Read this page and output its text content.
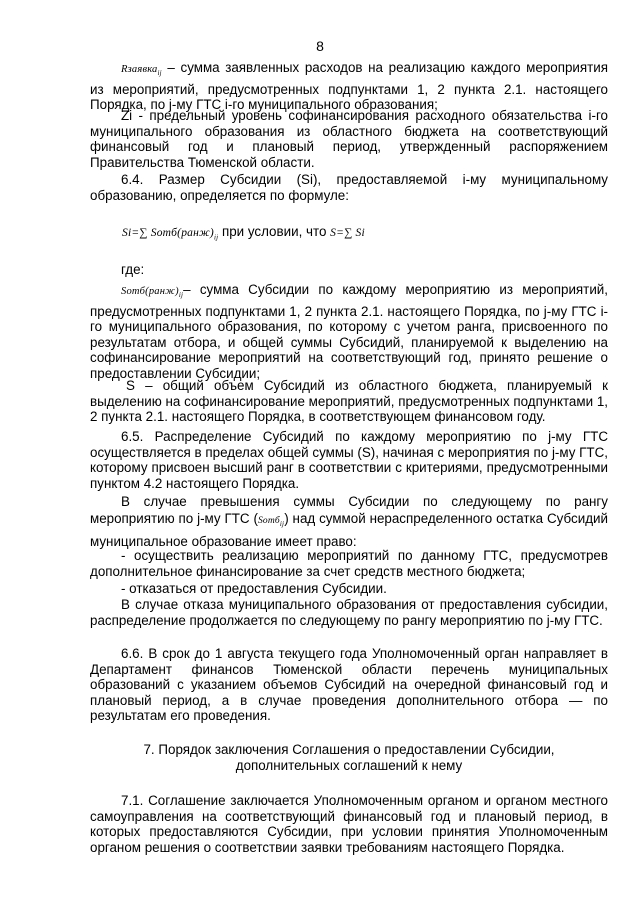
8

Rзаявка$_{ij}$ – сумма заявленных расходов на реализацию каждого мероприятия из мероприятий, предусмотренных подпунктами 1, 2 пункта 2.1. настоящего Порядка, по j-му ГТС i-го муниципального образования;

Zi - предельный уровень софинансирования расходного обязательства i-го муниципального образования из областного бюджета на соответствующий финансовый год и плановый период, утвержденный распоряжением Правительства Тюменской области.

6.4. Размер Субсидии (Si), предоставляемой i-му муниципальному образованию, определяется по формуле:

Si=∑ $Sотб(ранж)_{ij}$ при условии, что S=∑ Si

где:

$Sотб(ранж)_{ij}-$ сумма Субсидии по каждому мероприятию из мероприятий, предусмотренных подпунктами 1, 2 пункта 2.1. настоящего Порядка, по j-му ГТС i-го муниципального образования, по которому с учетом ранга, присвоенного по результатам отбора, и общей суммы Субсидий, планируемой к выделению на софинансирование мероприятий на соответствующий год, принято решение о предоставлении Субсидии;

S – общий объем Субсидий из областного бюджета, планируемый к выделению на софинансирование мероприятий, предусмотренных подпунктами 1, 2 пункта 2.1. настоящего Порядка, в соответствующем финансовом году.

6.5. Распределение Субсидий по каждому мероприятию по j-му ГТС осуществляется в пределах общей суммы (S), начиная с мероприятия по j-му ГТС, которому присвоен высший ранг в соответствии с критериями, предусмотренными пунктом 4.2 настоящего Порядка.

В случае превышения суммы Субсидии по следующему по рангу мероприятию по j-му ГТС (Sотб$_{ij}$) над суммой нераспределенного остатка Субсидий муниципальное образование имеет право:

- осуществить реализацию мероприятий по данному ГТС, предусмотрев дополнительное финансирование за счет средств местного бюджета;

- отказаться от предоставления Субсидии.

В случае отказа муниципального образования от предоставления субсидии, распределение продолжается по следующему по рангу мероприятию по j-му ГТС.

6.6. В срок до 1 августа текущего года Уполномоченный орган направляет в Департамент финансов Тюменской области перечень муниципальных образований с указанием объемов Субсидий на очередной финансовый год и плановый период, а в случае проведения дополнительного отбора — по результатам его проведения.

7. Порядок заключения Соглашения о предоставлении Субсидии,

дополнительных соглашений к нему

7.1. Соглашение заключается Уполномоченным органом и органом местного самоуправления на соответствующий финансовый год и плановый период, в которых предоставляются Субсидии, при условии принятия Уполномоченным органом решения о соответствии заявки требованиям настоящего Порядка.
